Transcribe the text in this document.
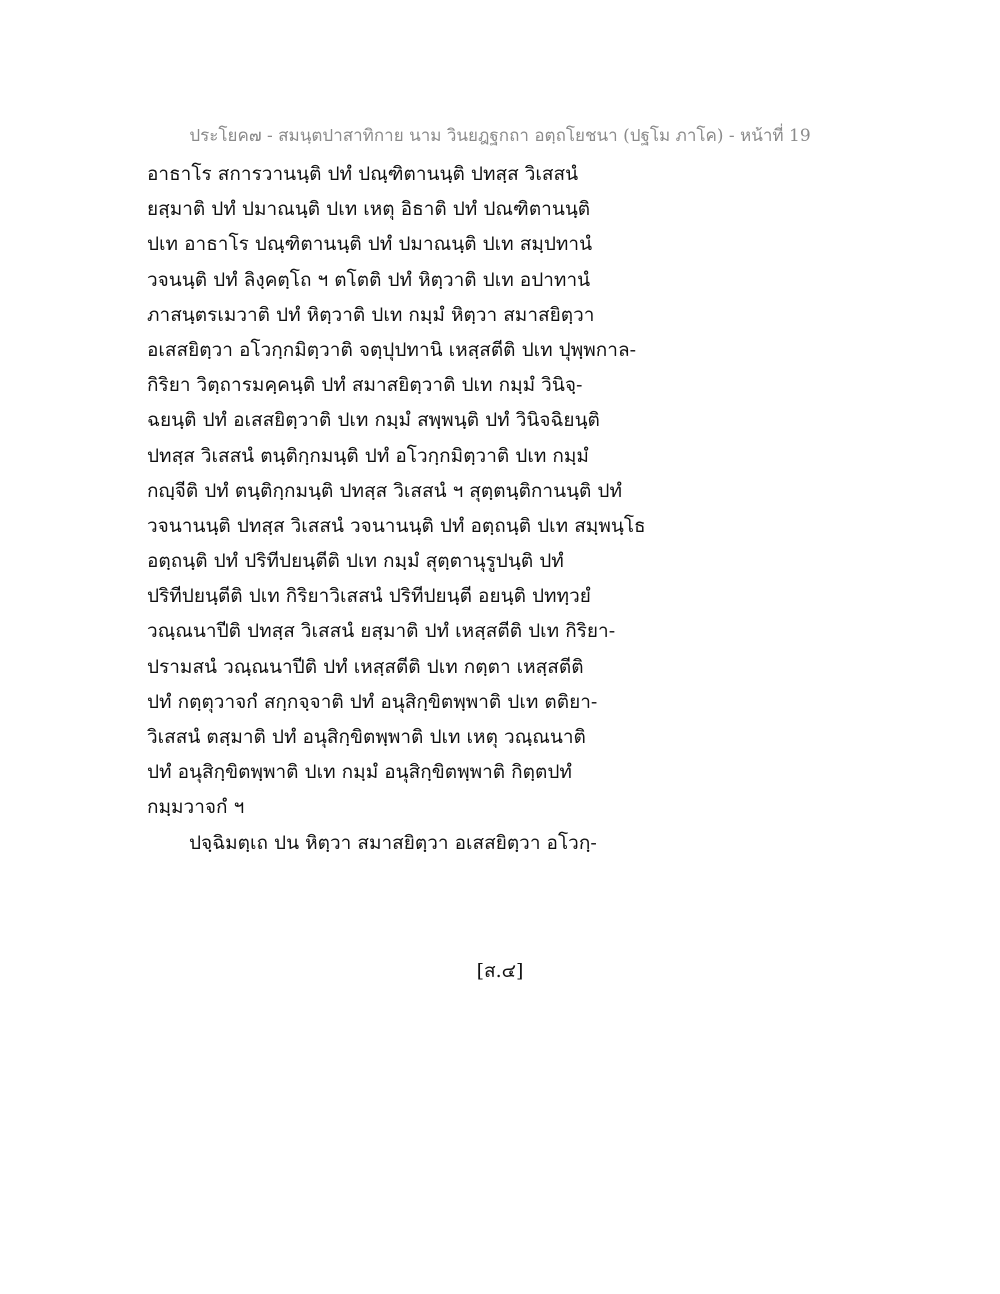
ประโยค๗ - สมนฺตปาสาทิกาย นาม วินยฎฐกถา อตฺถโยชนา (ปฐโม ภาโค) - หน้าที่ 19
อาธาโร สการวานนฺติ ปทํ ปณฺฑิตานนฺติ ปทสฺส วิเสสนํ
ยสฺมาติ ปทํ ปมาณนฺติ ปเท เหตุ อิธาติ ปทํ ปณฑิตานนฺติ
ปเท อาธาโร ปณฺฑิตานนฺติ ปทํ ปมาณนฺติ ปเท สมฺปทานํ
วจนนฺติ ปทํ ลิงฺคตฺโถ ฯ ตโตติ ปทํ หิตฺวาติ ปเท อปาทานํ
ภาสนฺตรเมวาติ ปทํ หิตฺวาติ ปเท กมฺมํ หิตฺวา สมาสยิตฺวา
อเสสยิตฺวา อโวกฺกมิตฺวาติ จตฺปุปทานิ เหสฺสตีติ ปเท ปุพฺพกาล-
กิริยา วิตฺถารมคฺคนฺติ ปทํ สมาสยิตฺวาติ ปเท กมฺมํ วินิจฺ-
ฉยนฺติ ปทํ อเสสยิตฺวาติ ปเท กมฺมํ สพฺพนฺติ ปทํ วินิจฉิยนฺติ
ปทสฺส วิเสสนํ ตนฺติกฺกมนฺติ ปทํ อโวกฺกมิตฺวาติ ปเท กมฺมํ
กญฺจีติ ปทํ ตนฺติกฺกมนฺติ ปทสฺส วิเสสนํ ฯ สุตฺตนฺติกานนฺติ ปทํ
วจนานนฺติ ปทสฺส วิเสสนํ วจนานนฺติ ปทํ อตฺถนฺติ ปเท สมฺพนฺโธ
อตฺถนฺติ ปทํ ปริทีปยนฺตีติ ปเท กมฺมํ สุตฺตานุรูปนฺติ ปทํ
ปริทีปยนฺตีติ ปเท กิริยาวิเสสนํ ปริทีปยนฺตี อยนฺติ ปททฺวยํ
วณฺณนาปีติ ปทสฺส วิเสสนํ ยสฺมาติ ปทํ เหสฺสตีติ ปเท กิริยา-
ปรามสนํ วณฺณนาปีติ ปทํ เหสฺสตีติ ปเท กตฺตา เหสฺสตีติ
ปทํ กตฺตุวาจกํ สกฺกจฺจาติ ปทํ อนุสิกฺขิตพฺพาติ ปเท ตติยา-
วิเสสนํ ตสฺมาติ ปทํ อนุสิกฺขิตพฺพาติ ปเท เหตุ วณฺณนาติ
ปทํ อนุสิกฺขิตพฺพาติ ปเท กมฺมํ อนุสิกฺขิตพฺพาติ กิตฺตปทํ
กมฺมวาจกํ ฯ
ปจฺฉิมตฺเถ ปน หิตฺวา สมาสยิตฺวา อเสสยิตฺวา อโวกฺ-
[ส.๔]
